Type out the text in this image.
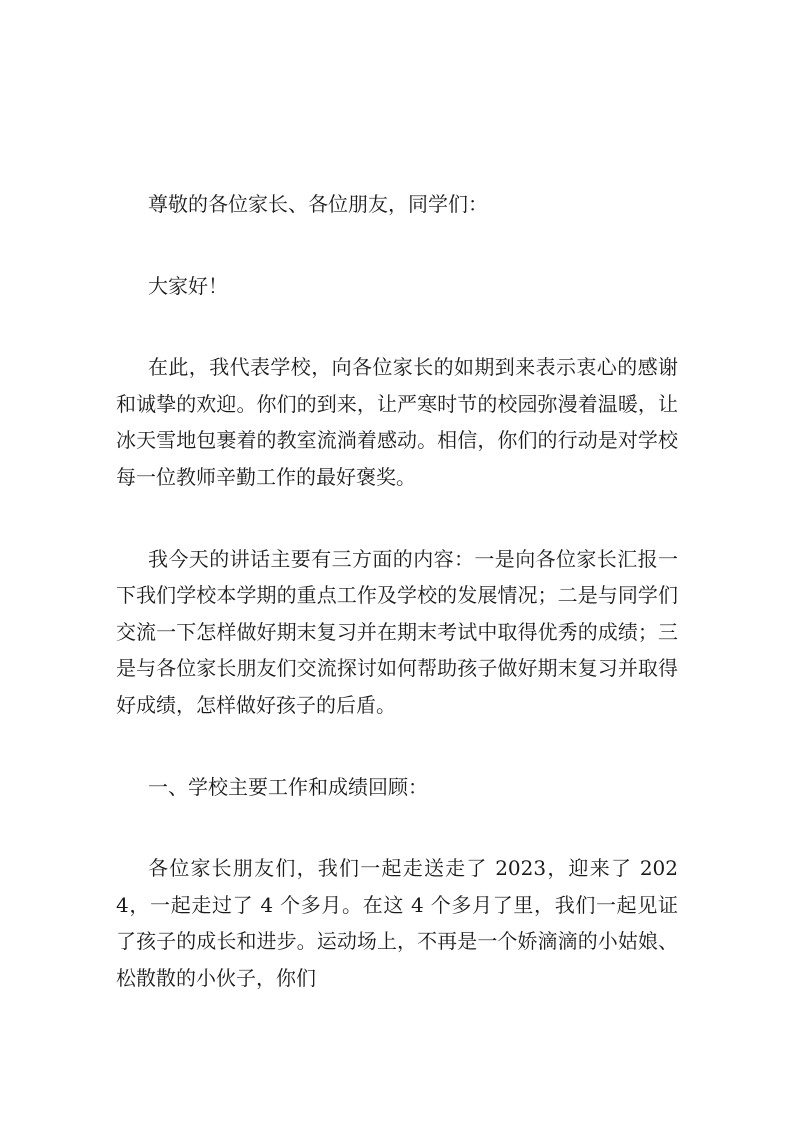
尊敬的各位家长、各位朋友，同学们：

大家好！

在此，我代表学校，向各位家长的如期到来表示衷心的感谢和诚挚的欢迎。你们的到来，让严寒时节的校园弥漫着温暖，让冰天雪地包裹着的教室流淌着感动。相信，你们的行动是对学校每一位教师辛勤工作的最好褒奖。

我今天的讲话主要有三方面的内容：一是向各位家长汇报一下我们学校本学期的重点工作及学校的发展情况；二是与同学们交流一下怎样做好期末复习并在期末考试中取得优秀的成绩；三是与各位家长朋友们交流探讨如何帮助孩子做好期末复习并取得好成绩，怎样做好孩子的后盾。

一、学校主要工作和成绩回顾：

各位家长朋友们，我们一起走送走了 2023，迎来了 2024，一起走过了 4 个多月。在这 4 个多月了里，我们一起见证了孩子的成长和进步。运动场上，不再是一个娇滴滴的小姑娘、松散散的小伙子，你们
